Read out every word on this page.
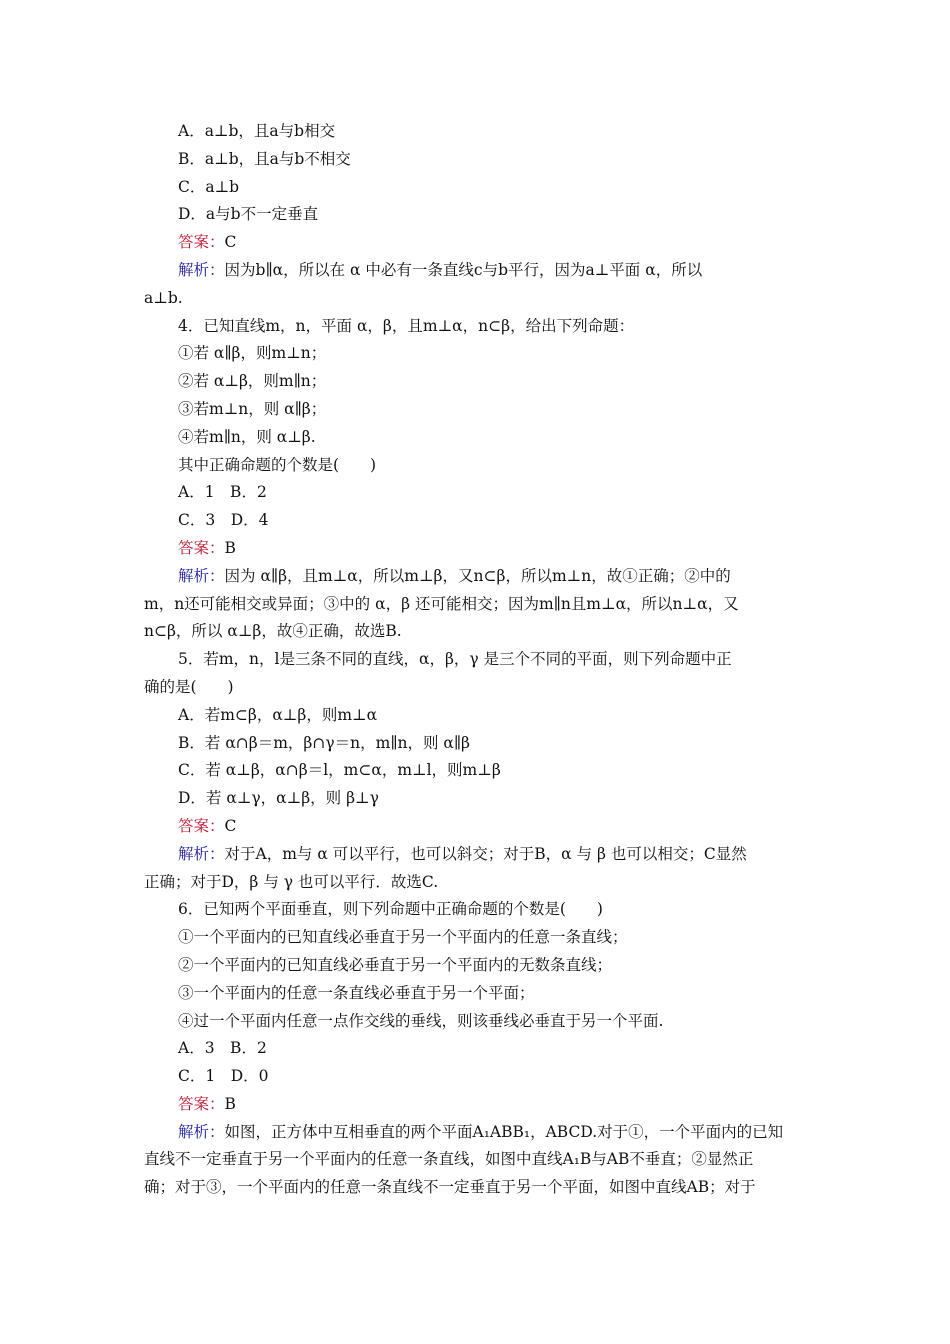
A．a⊥b，且a与b相交
B．a⊥b，且a与b不相交
C．a⊥b
D．a与b不一定垂直
答案：C
解析：因为b∥α，所以在 α 中必有一条直线c与b平行，因为a⊥平面 α，所以
a⊥b.
4．已知直线m，n，平面 α，β，且m⊥α，n⊂β，给出下列命题：
①若 α∥β，则m⊥n；
②若 α⊥β，则m∥n；
③若m⊥n，则 α∥β；
④若m∥n，则 α⊥β.
其中正确命题的个数是(　　)
A．1　B．2
C．3　D．4
答案：B
解析：因为 α∥β，且m⊥α，所以m⊥β，又n⊂β，所以m⊥n，故①正确；②中的
m，n还可能相交或异面；③中的 α，β 还可能相交；因为m∥n且m⊥α，所以n⊥α，又
n⊂β，所以 α⊥β，故④正确，故选B.
5．若m，n，l是三条不同的直线，α，β，γ 是三个不同的平面，则下列命题中正
确的是(　　)
A．若m⊂β，α⊥β，则m⊥α
B．若 α∩β＝m，β∩γ＝n，m∥n，则 α∥β
C．若 α⊥β，α∩β＝l，m⊂α，m⊥l，则m⊥β
D．若 α⊥γ，α⊥β，则 β⊥γ
答案：C
解析：对于A，m与 α 可以平行，也可以斜交；对于B，α 与 β 也可以相交；C显然
正确；对于D，β 与 γ 也可以平行．故选C.
6．已知两个平面垂直，则下列命题中正确命题的个数是(　　)
①一个平面内的已知直线必垂直于另一个平面内的任意一条直线；
②一个平面内的已知直线必垂直于另一个平面内的无数条直线；
③一个平面内的任意一条直线必垂直于另一个平面；
④过一个平面内任意一点作交线的垂线，则该垂线必垂直于另一个平面.
A．3　B．2
C．1　D．0
答案：B
解析：如图，正方体中互相垂直的两个平面A₁ABB₁，ABCD.对于①，一个平面内的已知
直线不一定垂直于另一个平面内的任意一条直线，如图中直线A₁B与AB不垂直；②显然正
确；对于③，一个平面内的任意一条直线不一定垂直于另一个平面，如图中直线AB；对于
